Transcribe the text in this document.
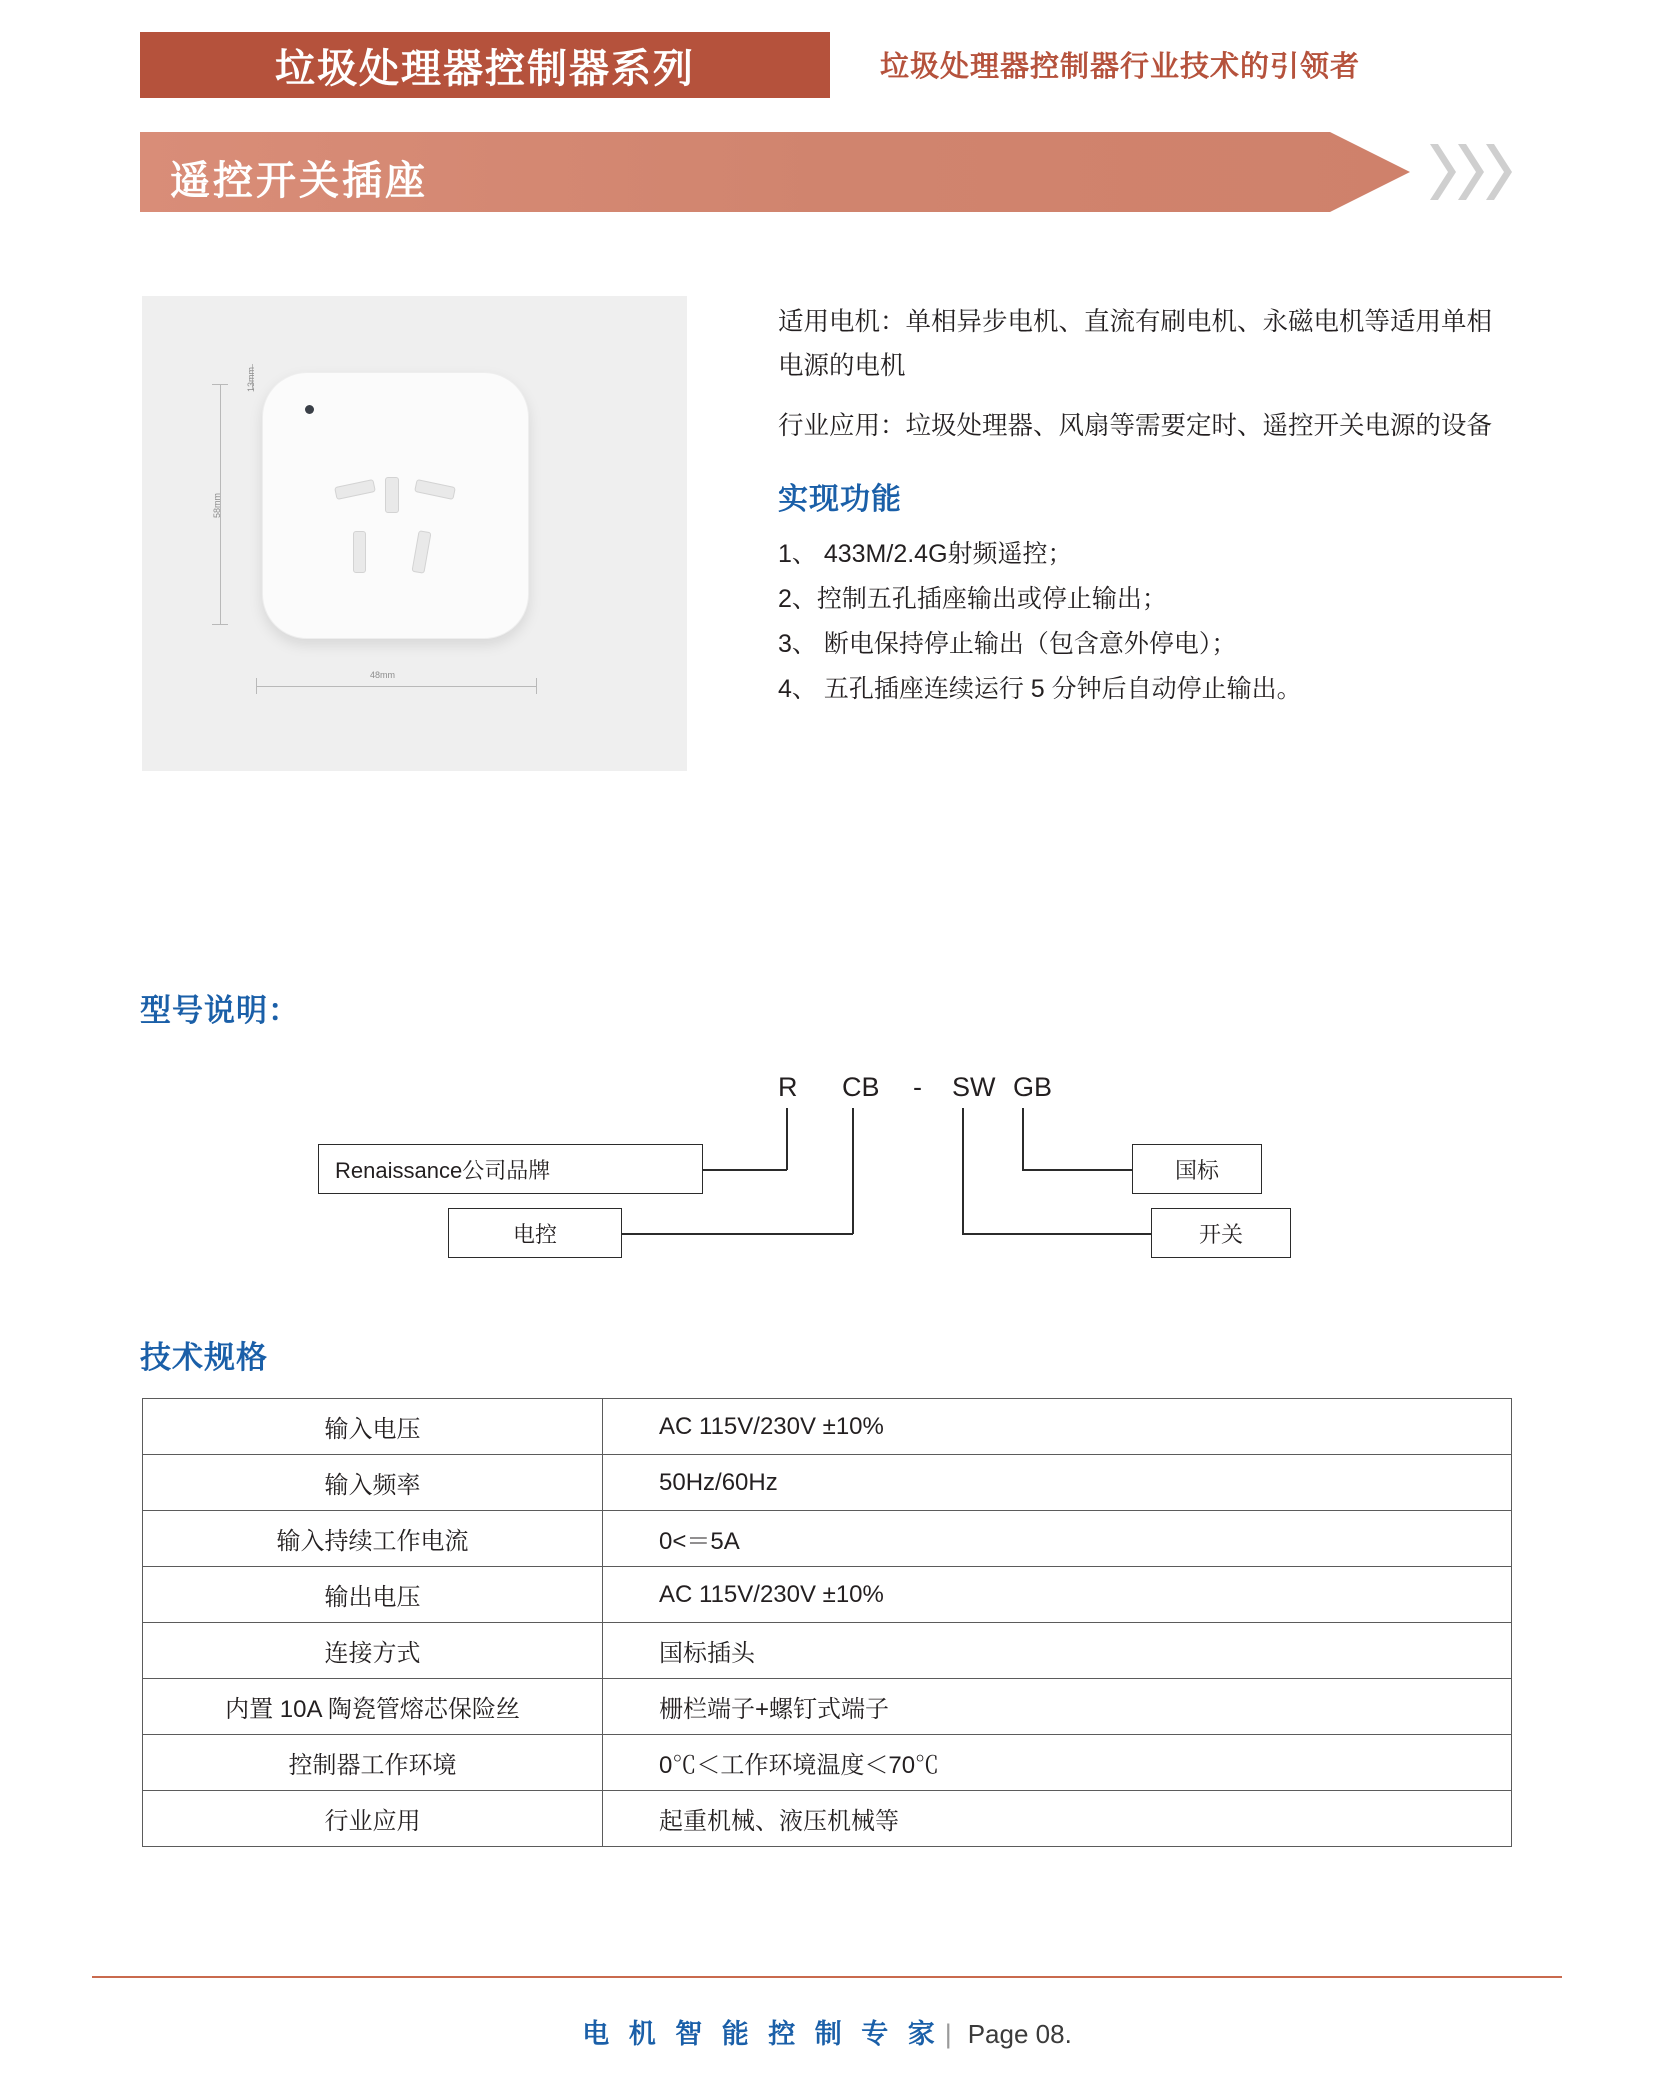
垃圾处理器控制器系列	垃圾处理器控制器行业技术的引领者
遥控开关插座
58mm
13mm
48mm
适用电机：单相异步电机、直流有刷电机、永磁电机等适用单相电源的电机
行业应用：垃圾处理器、风扇等需要定时、遥控开关电源的设备
实现功能
1、 433M/2.4G射频遥控；
2、控制五孔插座输出或停止输出；
3、 断电保持停止输出（包含意外停电）；
4、 五孔插座连续运行 5 分钟后自动停止输出。
型号说明：
R CB - SW GB
Renaissance公司品牌
电控
国标
开关
技术规格
输入电压	AC 115V/230V ±10%
输入频率	50Hz/60Hz
输入持续工作电流	0<＝5A
输出电压	AC 115V/230V ±10%
连接方式	国标插头
内置 10A 陶瓷管熔芯保险丝	栅栏端子+螺钉式端子
控制器工作环境	0℃＜工作环境温度＜70℃
行业应用	起重机械、液压机械等
电 机 智 能 控 制 专 家 | Page 08.
